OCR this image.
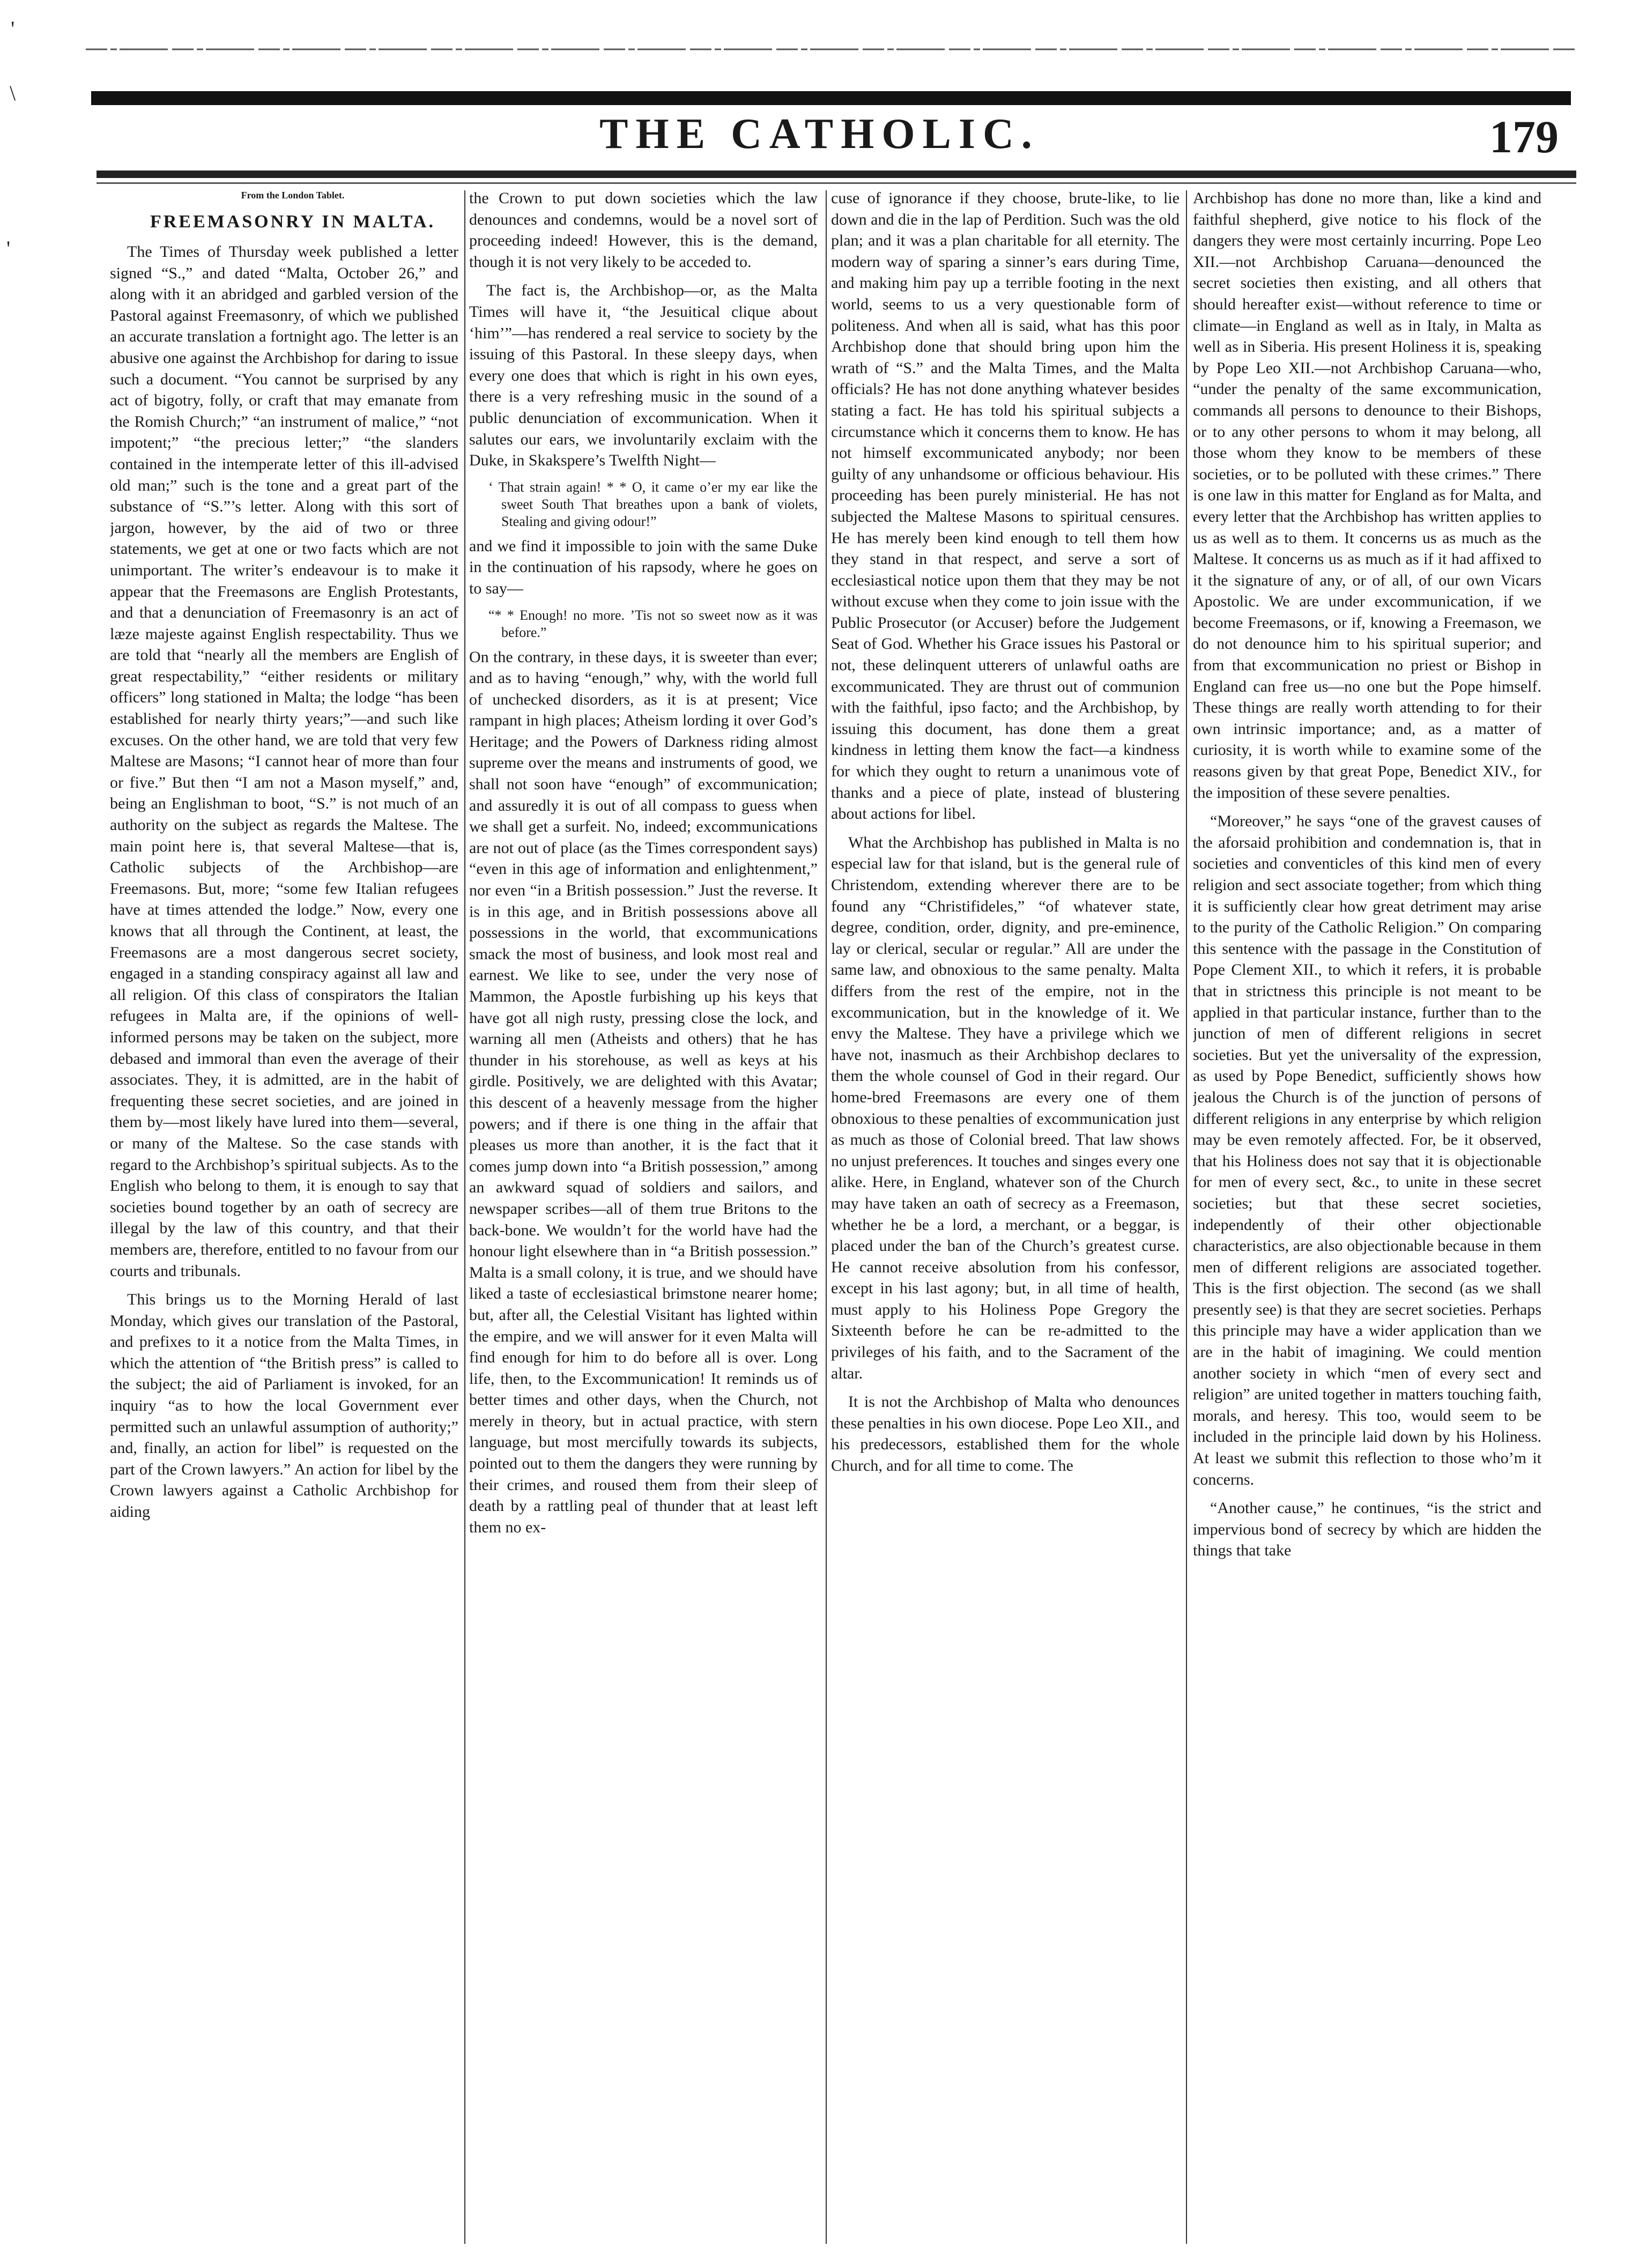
THE CATHOLIC.	179
'
\
'

From the London Tablet.

FREEMASONRY IN MALTA.

The Times of Thursday week published a letter signed “S.,” and dated “Malta, October 26,” and along with it an abridged and garbled version of the Pastoral against Freemasonry, of which we published an accurate translation a fortnight ago. The letter is an abusive one against the Archbishop for daring to issue such a document. “You cannot be surprised by any act of bigotry, folly, or craft that may emanate from the Romish Church;” “an instrument of malice,” “not impotent;” “the precious letter;” “the slanders contained in the intemperate letter of this ill-advised old man;” such is the tone and a great part of the substance of “S.”’s letter. Along with this sort of jargon, however, by the aid of two or three statements, we get at one or two facts which are not unimportant. The writer’s endeavour is to make it appear that the Freemasons are English Protestants, and that a denunciation of Freemasonry is an act of læze majeste against English respectability. Thus we are told that “nearly all the members are English of great respectability,” “either residents or military officers” long stationed in Malta; the lodge “has been established for nearly thirty years;”—and such like excuses. On the other hand, we are told that very few Maltese are Masons; “I cannot hear of more than four or five.” But then “I am not a Mason myself,” and, being an Englishman to boot, “S.” is not much of an authority on the subject as regards the Maltese. The main point here is, that several Maltese—that is, Catholic subjects of the Archbishop—are Freemasons. But, more; “some few Italian refugees have at times attended the lodge.” Now, every one knows that all through the Continent, at least, the Freemasons are a most dangerous secret society, engaged in a standing conspiracy against all law and all religion. Of this class of conspirators the Italian refugees in Malta are, if the opinions of well-informed persons may be taken on the subject, more debased and immoral than even the average of their associates. They, it is admitted, are in the habit of frequenting these secret societies, and are joined in them by—most likely have lured into them—several, or many of the Maltese. So the case stands with regard to the Archbishop’s spiritual subjects. As to the English who belong to them, it is enough to say that societies bound together by an oath of secrecy are illegal by the law of this country, and that their members are, therefore, entitled to no favour from our courts and tribunals.

This brings us to the Morning Herald of last Monday, which gives our translation of the Pastoral, and prefixes to it a notice from the Malta Times, in which the attention of “the British press” is called to the subject; the aid of Parliament is invoked, for an inquiry “as to how the local Government ever permitted such an unlawful assumption of authority;” and, finally, an action for libel” is requested on the part of the Crown lawyers.” An action for libel by the Crown lawyers against a Catholic Archbishop for aiding

the Crown to put down societies which the law denounces and condemns, would be a novel sort of proceeding indeed! However, this is the demand, though it is not very likely to be acceded to.

The fact is, the Archbishop—or, as the Malta Times will have it, “the Jesuitical clique about ‘him’”—has rendered a real service to society by the issuing of this Pastoral. In these sleepy days, when every one does that which is right in his own eyes, there is a very refreshing music in the sound of a public denunciation of excommunication. When it salutes our ears, we involuntarily exclaim with the Duke, in Skakspere’s Twelfth Night—

‘ That strain again! * * O, it came o’er my ear like the sweet South That breathes upon a bank of violets, Stealing and giving odour!”

and we find it impossible to join with the same Duke in the continuation of his rapsody, where he goes on to say—

“* * Enough! no more. ’Tis not so sweet now as it was before.”

On the contrary, in these days, it is sweeter than ever; and as to having “enough,” why, with the world full of unchecked disorders, as it is at present; Vice rampant in high places; Atheism lording it over God’s Heritage; and the Powers of Darkness riding almost supreme over the means and instruments of good, we shall not soon have “enough” of excommunication; and assuredly it is out of all compass to guess when we shall get a surfeit. No, indeed; excommunications are not out of place (as the Times correspondent says) “even in this age of information and enlightenment,” nor even “in a British possession.” Just the reverse. It is in this age, and in British possessions above all possessions in the world, that excommunications smack the most of business, and look most real and earnest. We like to see, under the very nose of Mammon, the Apostle furbishing up his keys that have got all nigh rusty, pressing close the lock, and warning all men (Atheists and others) that he has thunder in his storehouse, as well as keys at his girdle. Positively, we are delighted with this Avatar; this descent of a heavenly message from the higher powers; and if there is one thing in the affair that pleases us more than another, it is the fact that it comes jump down into “a British possession,” among an awkward squad of soldiers and sailors, and newspaper scribes—all of them true Britons to the back-bone. We wouldn’t for the world have had the honour light elsewhere than in “a British possession.” Malta is a small colony, it is true, and we should have liked a taste of ecclesiastical brimstone nearer home; but, after all, the Celestial Visitant has lighted within the empire, and we will answer for it even Malta will find enough for him to do before all is over. Long life, then, to the Excommunication! It reminds us of better times and other days, when the Church, not merely in theory, but in actual practice, with stern language, but most mercifully towards its subjects, pointed out to them the dangers they were running by their crimes, and roused them from their sleep of death by a rattling peal of thunder that at least left them no ex-

cuse of ignorance if they choose, brute-like, to lie down and die in the lap of Perdition. Such was the old plan; and it was a plan charitable for all eternity. The modern way of sparing a sinner’s ears during Time, and making him pay up a terrible footing in the next world, seems to us a very questionable form of politeness. And when all is said, what has this poor Archbishop done that should bring upon him the wrath of “S.” and the Malta Times, and the Malta officials? He has not done anything whatever besides stating a fact. He has told his spiritual subjects a circumstance which it concerns them to know. He has not himself excommunicated anybody; nor been guilty of any unhandsome or officious behaviour. His proceeding has been purely ministerial. He has not subjected the Maltese Masons to spiritual censures. He has merely been kind enough to tell them how they stand in that respect, and serve a sort of ecclesiastical notice upon them that they may be not without excuse when they come to join issue with the Public Prosecutor (or Accuser) before the Judgement Seat of God. Whether his Grace issues his Pastoral or not, these delinquent utterers of unlawful oaths are excommunicated. They are thrust out of communion with the faithful, ipso facto; and the Archbishop, by issuing this document, has done them a great kindness in letting them know the fact—a kindness for which they ought to return a unanimous vote of thanks and a piece of plate, instead of blustering about actions for libel.

What the Archbishop has published in Malta is no especial law for that island, but is the general rule of Christendom, extending wherever there are to be found any “Christifideles,” “of whatever state, degree, condition, order, dignity, and pre-eminence, lay or clerical, secular or regular.” All are under the same law, and obnoxious to the same penalty. Malta differs from the rest of the empire, not in the excommunication, but in the knowledge of it. We envy the Maltese. They have a privilege which we have not, inasmuch as their Archbishop declares to them the whole counsel of God in their regard. Our home-bred Freemasons are every one of them obnoxious to these penalties of excommunication just as much as those of Colonial breed. That law shows no unjust preferences. It touches and singes every one alike. Here, in England, whatever son of the Church may have taken an oath of secrecy as a Freemason, whether he be a lord, a merchant, or a beggar, is placed under the ban of the Church’s greatest curse. He cannot receive absolution from his confessor, except in his last agony; but, in all time of health, must apply to his Holiness Pope Gregory the Sixteenth before he can be re-admitted to the privileges of his faith, and to the Sacrament of the altar.

It is not the Archbishop of Malta who denounces these penalties in his own diocese. Pope Leo XII., and his predecessors, established them for the whole Church, and for all time to come. The

Archbishop has done no more than, like a kind and faithful shepherd, give notice to his flock of the dangers they were most certainly incurring. Pope Leo XII.—not Archbishop Caruana—denounced the secret societies then existing, and all others that should hereafter exist—without reference to time or climate—in England as well as in Italy, in Malta as well as in Siberia. His present Holiness it is, speaking by Pope Leo XII.—not Archbishop Caruana—who, “under the penalty of the same excommunication, commands all persons to denounce to their Bishops, or to any other persons to whom it may belong, all those whom they know to be members of these societies, or to be polluted with these crimes.” There is one law in this matter for England as for Malta, and every letter that the Archbishop has written applies to us as well as to them. It concerns us as much as the Maltese. It concerns us as much as if it had affixed to it the signature of any, or of all, of our own Vicars Apostolic. We are under excommunication, if we become Freemasons, or if, knowing a Freemason, we do not denounce him to his spiritual superior; and from that excommunication no priest or Bishop in England can free us—no one but the Pope himself. These things are really worth attending to for their own intrinsic importance; and, as a matter of curiosity, it is worth while to examine some of the reasons given by that great Pope, Benedict XIV., for the imposition of these severe penalties.

“Moreover,” he says “one of the gravest causes of the aforsaid prohibition and condemnation is, that in societies and conventicles of this kind men of every religion and sect associate together; from which thing it is sufficiently clear how great detriment may arise to the purity of the Catholic Religion.” On comparing this sentence with the passage in the Constitution of Pope Clement XII., to which it refers, it is probable that in strictness this principle is not meant to be applied in that particular instance, further than to the junction of men of different religions in secret societies. But yet the universality of the expression, as used by Pope Benedict, sufficiently shows how jealous the Church is of the junction of persons of different religions in any enterprise by which religion may be even remotely affected. For, be it observed, that his Holiness does not say that it is objectionable for men of every sect, &c., to unite in these secret societies; but that these secret societies, independently of their other objectionable characteristics, are also objectionable because in them men of different religions are associated together. This is the first objection. The second (as we shall presently see) is that they are secret societies. Perhaps this principle may have a wider application than we are in the habit of imagining. We could mention another society in which “men of every sect and religion” are united together in matters touching faith, morals, and heresy. This too, would seem to be included in the principle laid down by his Holiness. At least we submit this reflection to those who’m it concerns.

“Another cause,” he continues, “is the strict and impervious bond of secrecy by which are hidden the things that take
